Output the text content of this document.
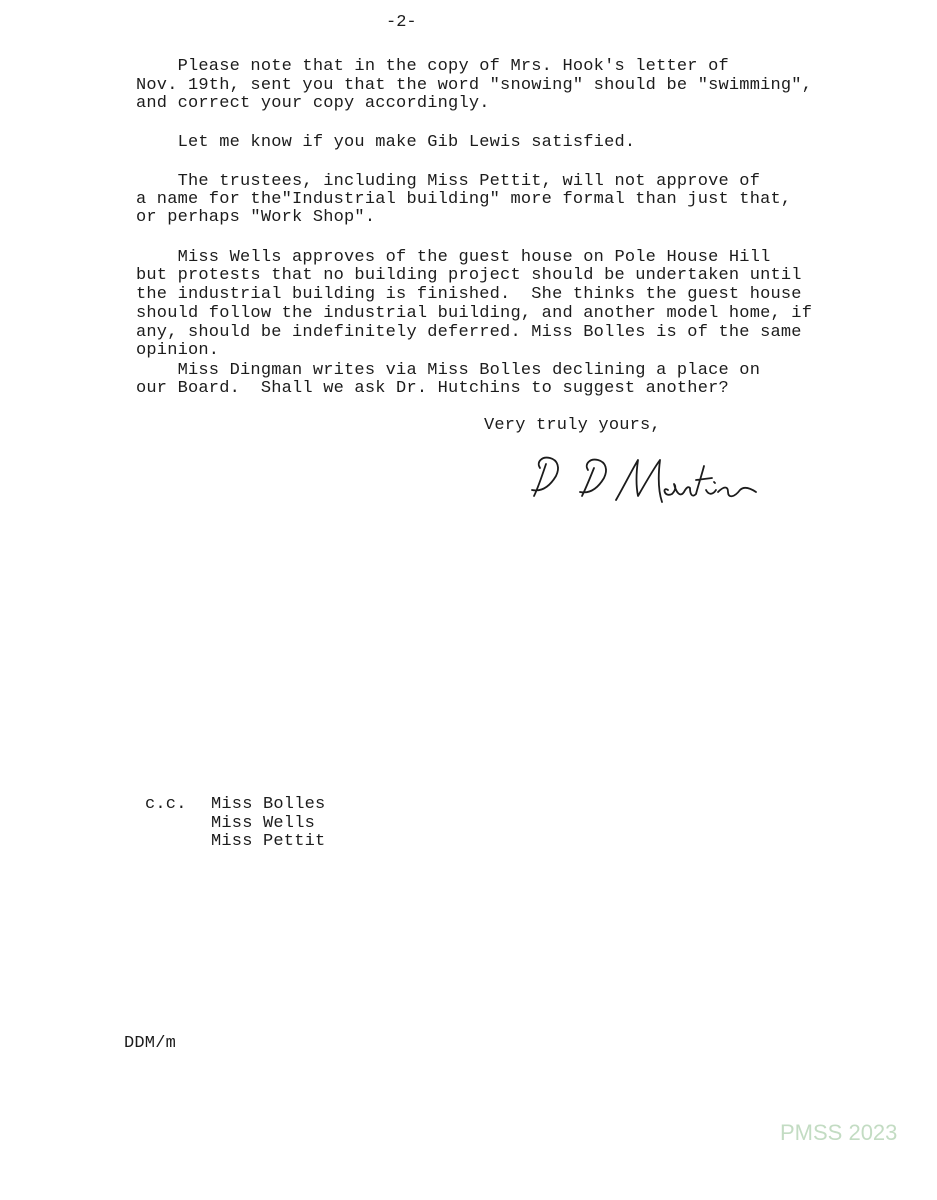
-2-
Please note that in the copy of Mrs. Hook's letter of
Nov. 19th, sent you that the word "snowing" should be "swimming",
and correct your copy accordingly.
Let me know if you make Gib Lewis satisfied.
The trustees, including Miss Pettit, will not approve of
a name for the"Industrial building" more formal than just that,
or perhaps "Work Shop".
Miss Wells approves of the guest house on Pole House Hill
but protests that no building project should be undertaken until
the industrial building is finished.  She thinks the guest house
should follow the industrial building, and another model home, if
any, should be indefinitely deferred. Miss Bolles is of the same
opinion.
Miss Dingman writes via Miss Bolles declining a place on
our Board.  Shall we ask Dr. Hutchins to suggest another?
Very truly yours,
c.c. Miss Bolles
Miss Wells
Miss Pettit
DDM/m
PMSS 2023
